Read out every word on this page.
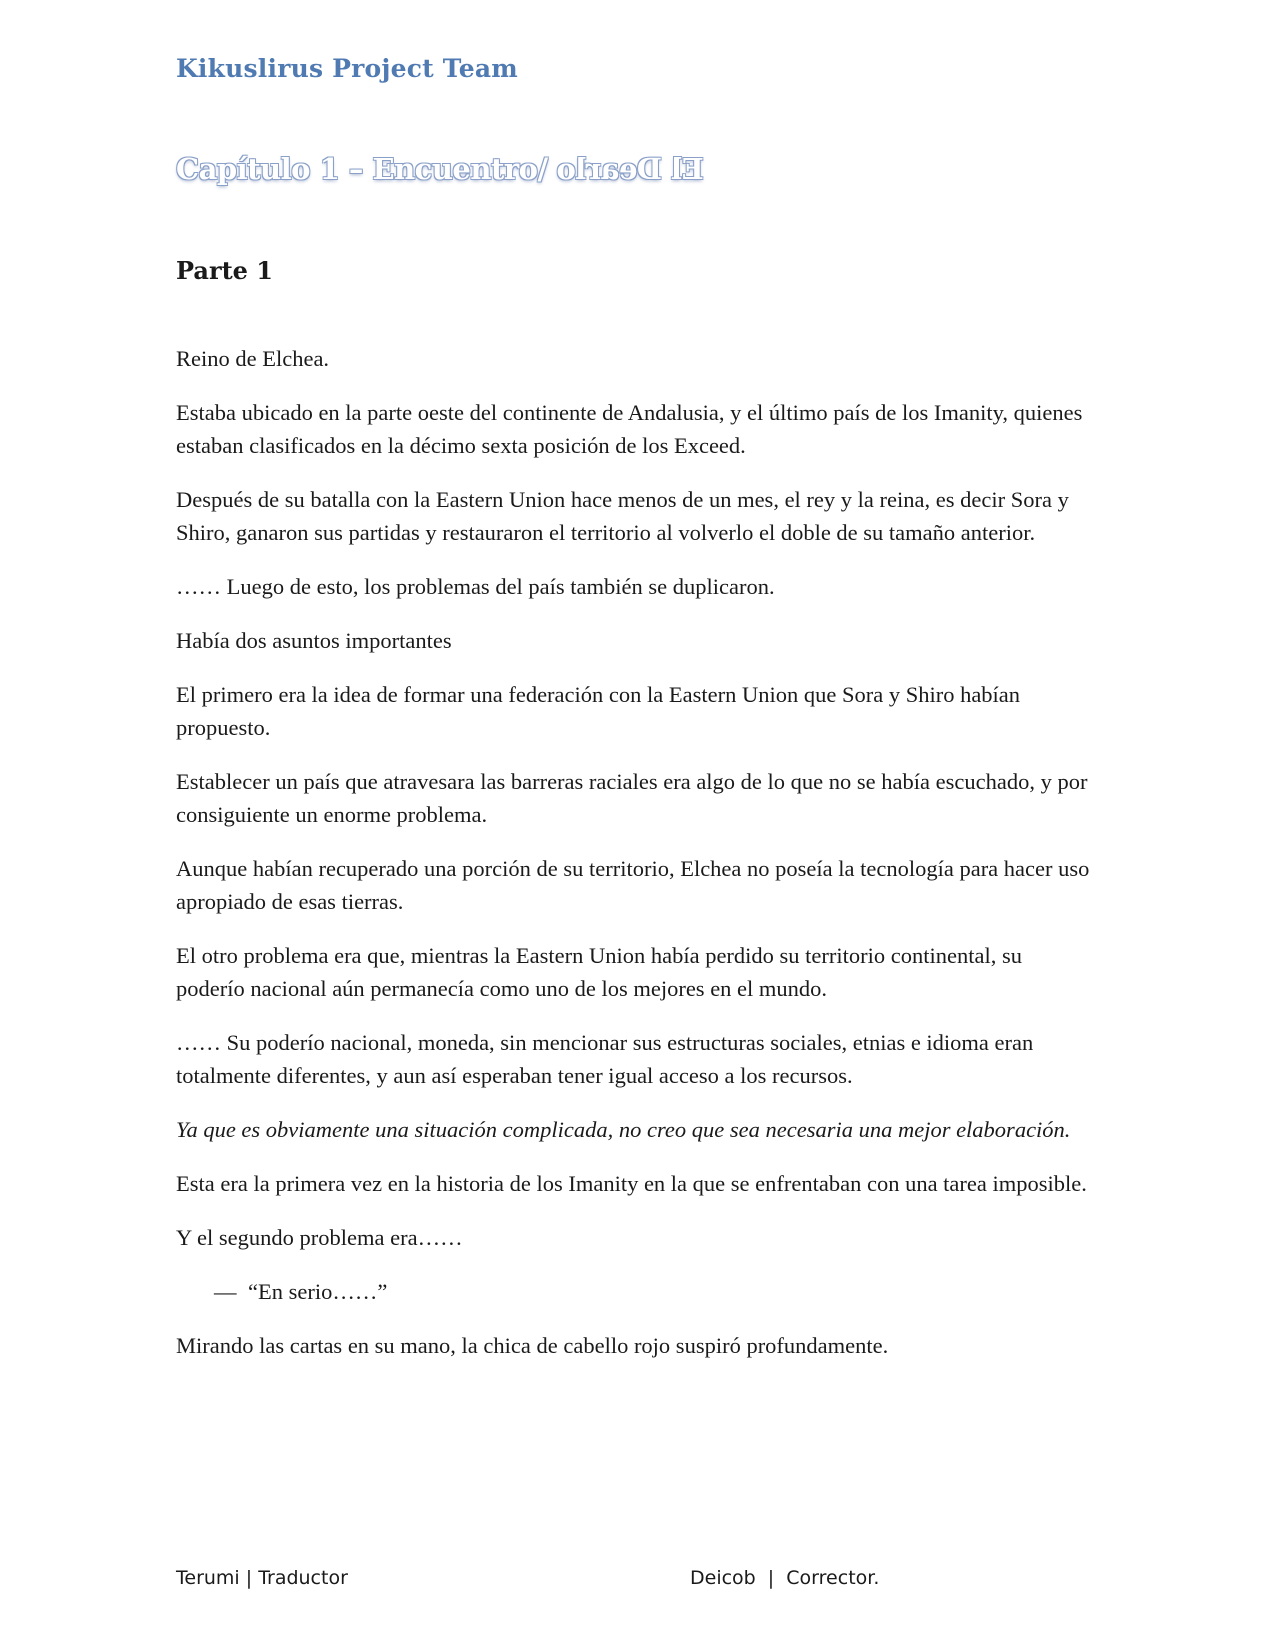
Kikuslirus Project Team
Capítulo 1 – Encuentro/ El Dearlo
Parte 1

Reino de Elchea.

Estaba ubicado en la parte oeste del continente de Andalusia, y el último país de los Imanity, quienes estaban clasificados en la décimo sexta posición de los Exceed.

Después de su batalla con la Eastern Union hace menos de un mes, el rey y la reina, es decir Sora y Shiro, ganaron sus partidas y restauraron el territorio al volverlo el doble de su tamaño anterior.

…… Luego de esto, los problemas del país también se duplicaron.

Había dos asuntos importantes

El primero era la idea de formar una federación con la Eastern Union que Sora y Shiro habían propuesto.

Establecer un país que atravesara las barreras raciales era algo de lo que no se había escuchado, y por consiguiente un enorme problema.

Aunque habían recuperado una porción de su territorio, Elchea no poseía la tecnología para hacer uso apropiado de esas tierras.

El otro problema era que, mientras la Eastern Union había perdido su territorio continental, su poderío nacional aún permanecía como uno de los mejores en el mundo.

…… Su poderío nacional, moneda, sin mencionar sus estructuras sociales, etnias e idioma eran totalmente diferentes, y aun así esperaban tener igual acceso a los recursos.

Ya que es obviamente una situación complicada, no creo que sea necesaria una mejor elaboración.

Esta era la primera vez en la historia de los Imanity en la que se enfrentaban con una tarea imposible.

Y el segundo problema era……

— “En serio……”

Mirando las cartas en su mano, la chica de cabello rojo suspiró profundamente.

Terumi | Traductor	Deicob  |  Corrector.
